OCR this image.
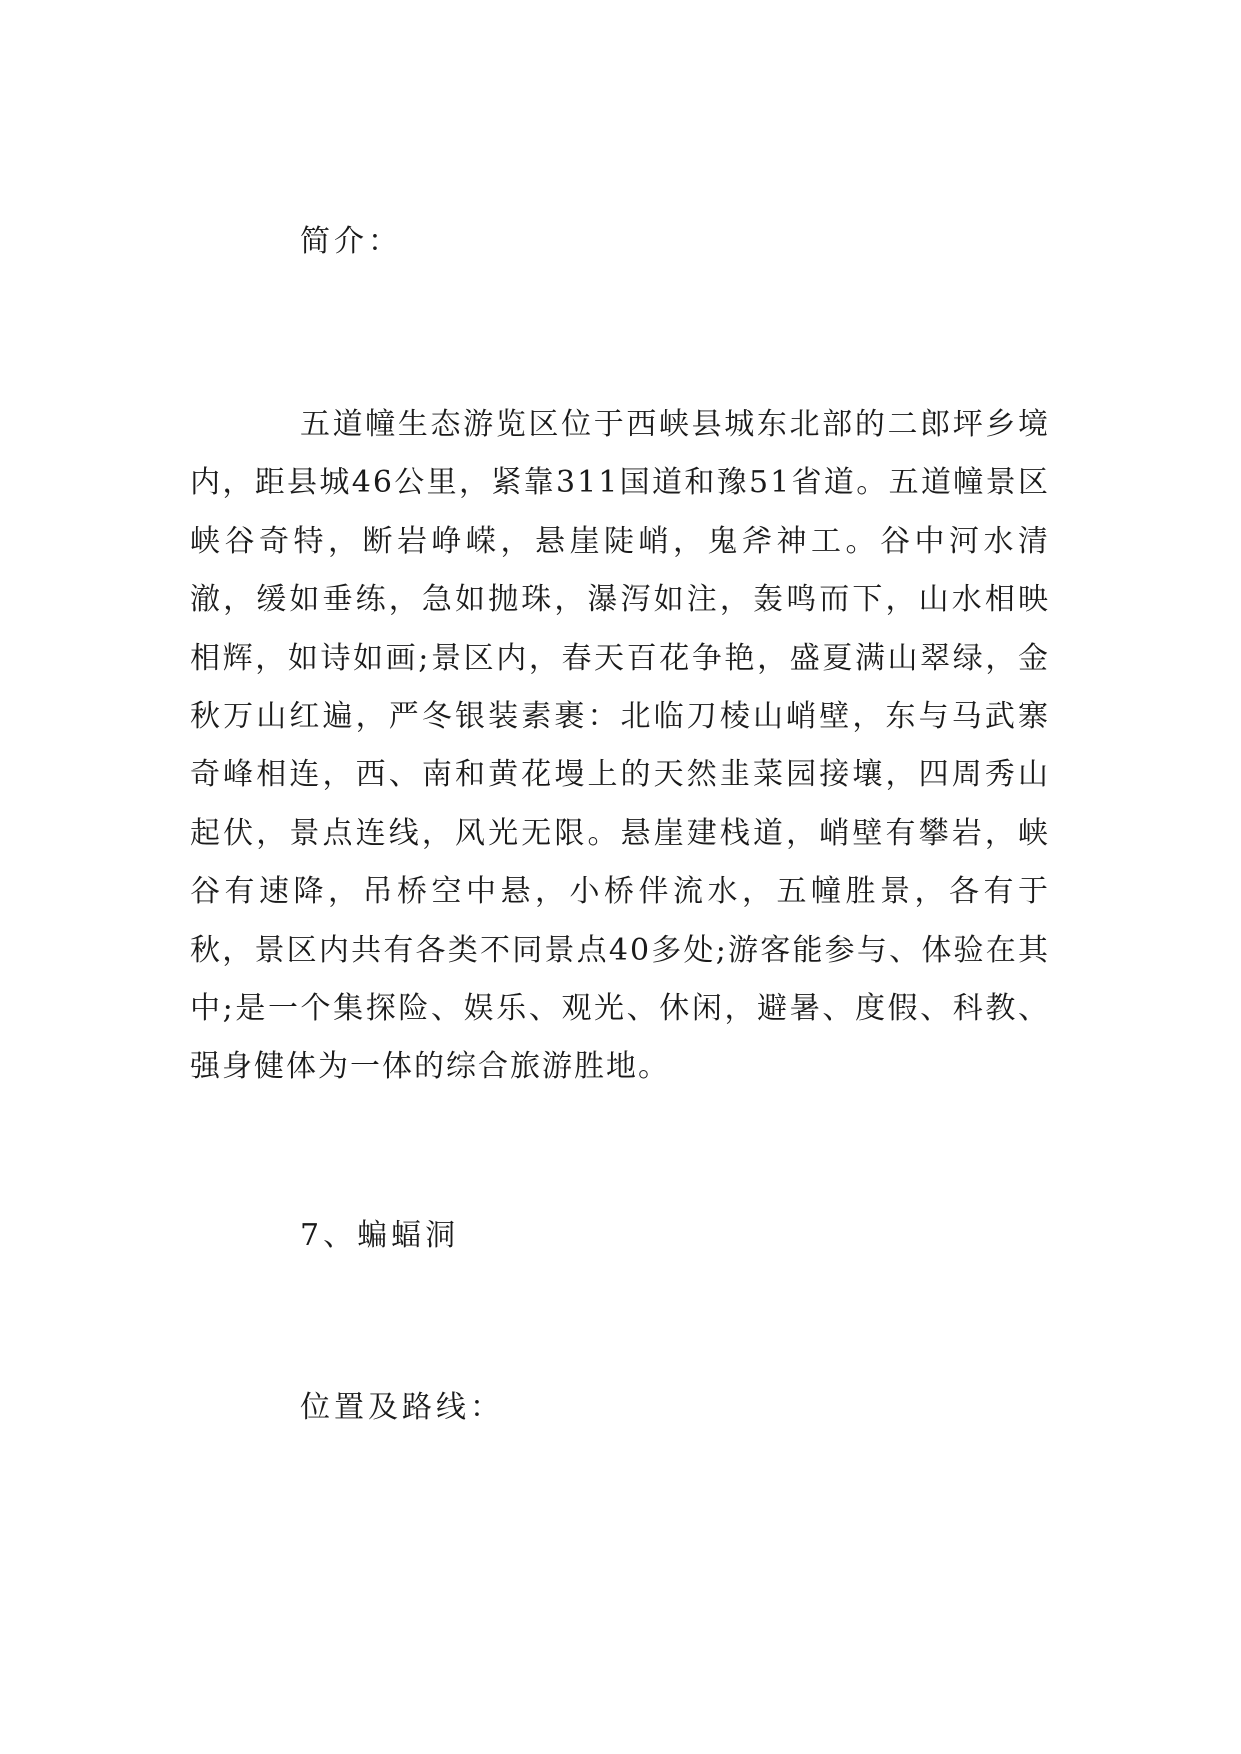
简介：

五道幢生态游览区位于西峡县城东北部的二郎坪乡境内，距县城46公里，紧靠311国道和豫51省道。五道幢景区峡谷奇特，断岩峥嵘，悬崖陡峭，鬼斧神工。谷中河水清澈，缓如垂练，急如抛珠，瀑泻如注，轰鸣而下，山水相映相辉，如诗如画;景区内，春天百花争艳，盛夏满山翠绿，金秋万山红遍，严冬银装素裹：北临刀棱山峭壁，东与马武寨奇峰相连，西、南和黄花墁上的天然韭菜园接壤，四周秀山起伏，景点连线，风光无限。悬崖建栈道，峭壁有攀岩，峡谷有速降，吊桥空中悬，小桥伴流水，五幢胜景，各有于秋，景区内共有各类不同景点40多处;游客能参与、体验在其中;是一个集探险、娱乐、观光、休闲，避暑、度假、科教、强身健体为一体的综合旅游胜地。

7、蝙蝠洞

位置及路线：
